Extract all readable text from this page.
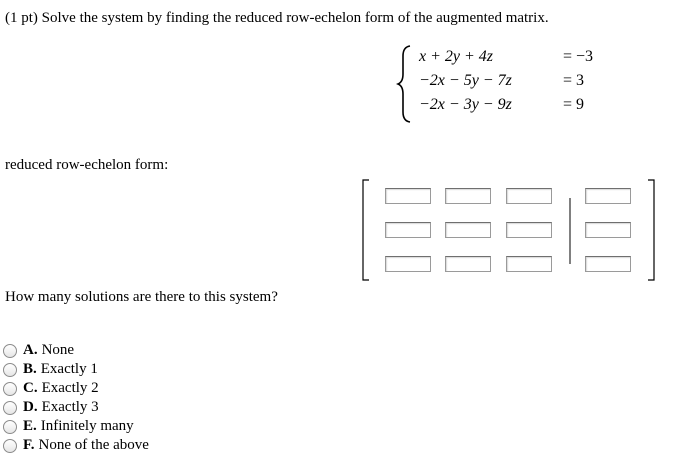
(1 pt) Solve the system by finding the reduced row-echelon form of the augmented matrix.
x + 2y + 4z	= −3
−2x − 5y − 7z	= 3
−2x − 3y − 9z	= 9
reduced row-echelon form:
How many solutions are there to this system?
A. None
B. Exactly 1
C. Exactly 2
D. Exactly 3
E. Infinitely many
F. None of the above
